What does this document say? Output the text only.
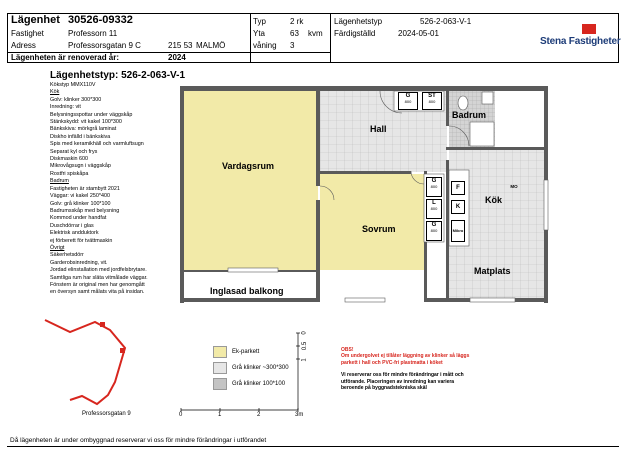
Lägenhet 30526-09332
Fastighet	Professorn 11
Adress	Professorsgatan 9 C	215 53 MALMÖ
Lägenheten är renoverad år:	2024
Typ	2 rk
Yta	63 kvm
våning 3
Lägenhetstyp	526-2-063-V-1
Färdigställd	2024-05-01
Stena Fastigheter
Lägenhetstyp: 526-2-063-V-1
Kökstyp MMX110V
Kök
Golv: klinker 300*300
Inredning: vit
Belysningsspottar under väggskåp
Stänkskydd: vit kakel 100*300
Bänkskiva: mörkgrå laminat
Diskho infälld i bänkskiva
Spis med keramikhäll och varmluftsugn
Separat kyl och frys
Diskmaskin 600
Mikrovågsugn i väggskåp
Rostfri spiskåpa
Badrum
Fastigheten är stambytt 2021
Väggar: vi kakel 250*400
Golv: grå klinker 100*100
Badrumsskåp med belysning
Kommod under handfat
Duschdörrar i glas
Elektrisk andduktork
ej förberett för tvättmaskin
Övrigt
Säkerhetsdörr
Garderobsinredning, vit.
Jordad elinstallation med jordfelsbrytare.
Samtliga rum har släta vitmålade väggar.
Fönstern är original men har genomgått
en översyn samt målats vita på insidan.
Vardagsrum
Hall
Badrum
Sovrum
Kök
Matplats
Inglasad balkong
G
800
ST
800
G
800
L
800
G
800
F
K
Mikro
MO
0
0.5
1
0	1	2	3m
Professorsgatan 9
Ek-parkett
Grå klinker ~300*300
Grå klinker 100*100
OBS!
Om undergolvet ej tillåter läggning av klinker så läggs parkett i hall och PVC-fri plastmatta i köket
Vi reserverar oss för mindre förändringar i mått och utförande. Placeringen av inredning kan variera beroende på byggnadstekniska skäl
Då lägenheten är under ombyggnad reserverar vi oss för mindre förändringar i utförandet
